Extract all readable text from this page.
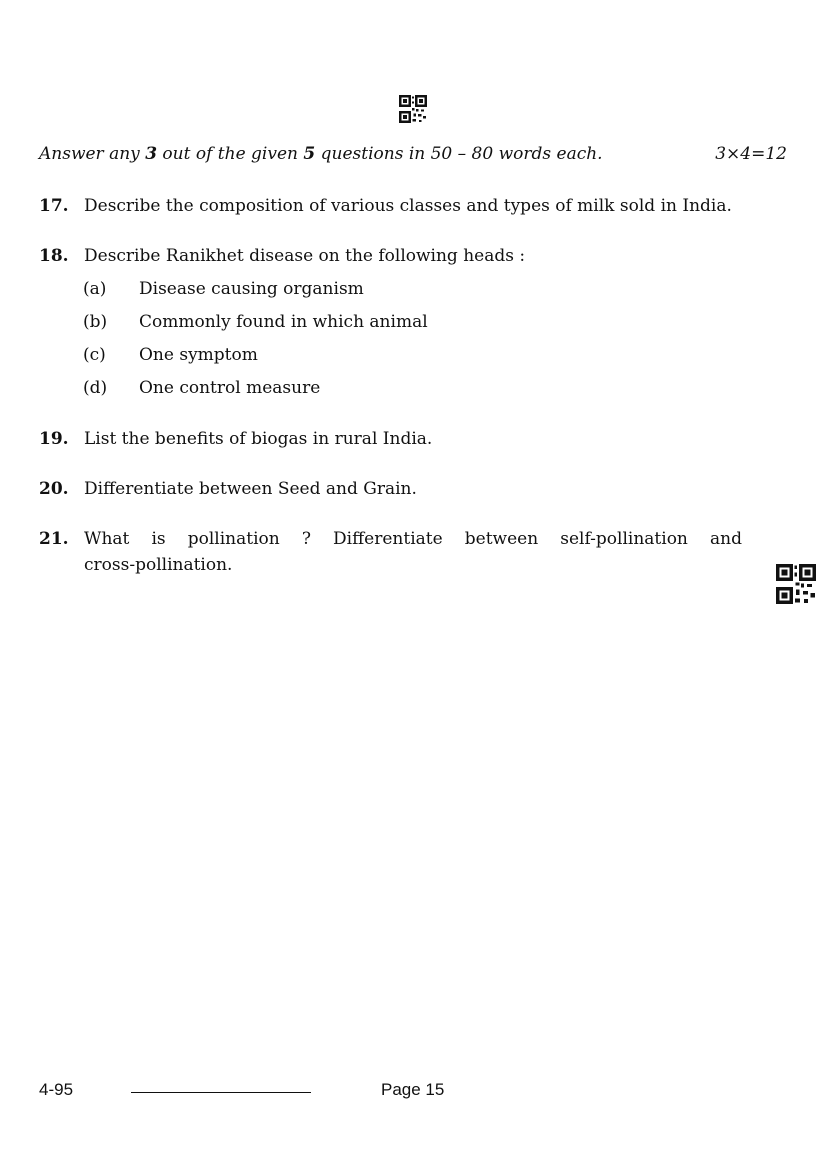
Answer any 3 out of the given 5 questions in 50 – 80 words each.	3×4=12
17. Describe the composition of various classes and types of milk sold in India.
18. Describe Ranikhet disease on the following heads :
(a) Disease causing organism
(b) Commonly found in which animal
(c) One symptom
(d) One control measure
19. List the benefits of biogas in rural India.
20. Differentiate between Seed and Grain.
21. What is pollination ? Differentiate between self-pollination and
cross-pollination.
4-95	Page 15
